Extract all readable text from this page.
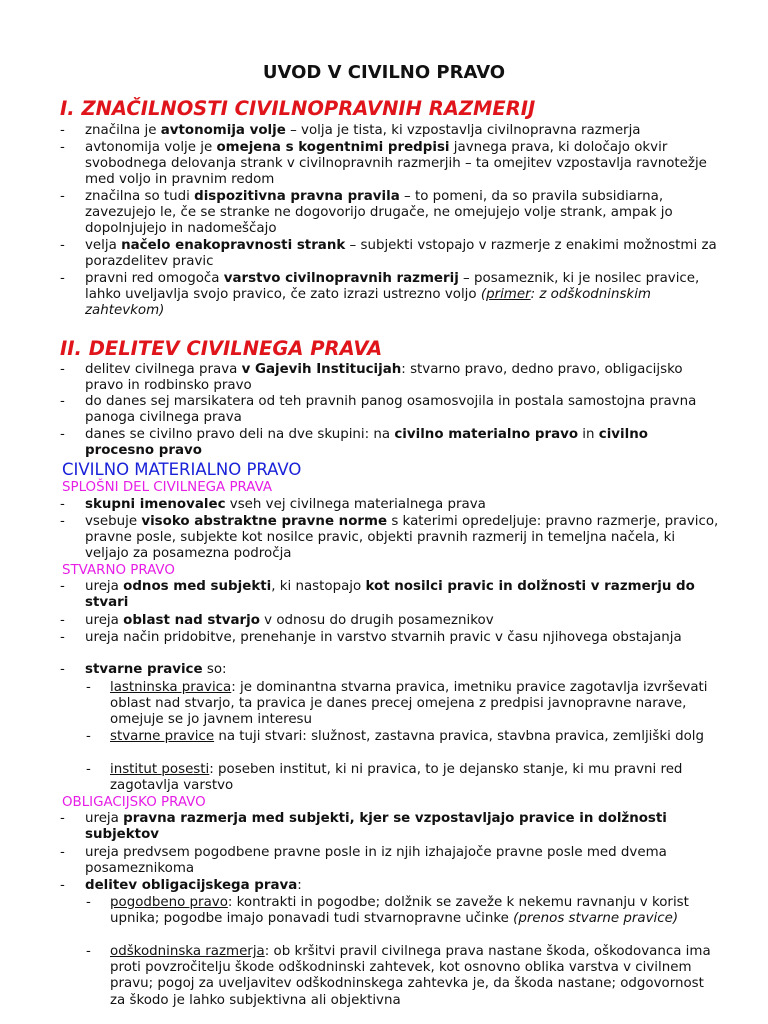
UVOD V CIVILNO PRAVO
I. ZNAČILNOSTI CIVILNOPRAVNIH RAZMERIJ
-	značilna je avtonomija volje – volja je tista, ki vzpostavlja civilnopravna razmerja
-	avtonomija volje je omejena s kogentnimi predpisi javnega prava, ki določajo okvir svobodnega delovanja strank v civilnopravnih razmerjih – ta omejitev vzpostavlja ravnotežje med voljo in pravnim redom
-	značilna so tudi dispozitivna pravna pravila – to pomeni, da so pravila subsidiarna, zavezujejo le, če se stranke ne dogovorijo drugače, ne omejujejo volje strank, ampak jo dopolnjujejo in nadomeščajo
-	velja načelo enakopravnosti strank – subjekti vstopajo v razmerje z enakimi možnostmi za porazdelitev pravic
-	pravni red omogoča varstvo civilnopravnih razmerij – posameznik, ki je nosilec pravice, lahko uveljavlja svojo pravico, če zato izrazi ustrezno voljo (primer: z odškodninskim zahtevkom)
II. DELITEV CIVILNEGA PRAVA
-	delitev civilnega prava v Gajevih Institucijah: stvarno pravo, dedno pravo, obligacijsko pravo in rodbinsko pravo
-	do danes sej marsikatera od teh pravnih panog osamosvojila in postala samostojna pravna panoga civilnega prava
-	danes se civilno pravo deli na dve skupini: na civilno materialno pravo in civilno procesno pravo
CIVILNO MATERIALNO PRAVO
SPLOŠNI DEL CIVILNEGA PRAVA
-	skupni imenovalec vseh vej civilnega materialnega prava
-	vsebuje visoko abstraktne pravne norme s katerimi opredeljuje: pravno razmerje, pravico, pravne posle, subjekte kot nosilce pravic, objekti pravnih razmerij in temeljna načela, ki veljajo za posamezna področja
STVARNO PRAVO
-	ureja odnos med subjekti, ki nastopajo kot nosilci pravic in dolžnosti v razmerju do stvari
-	ureja oblast nad stvarjo v odnosu do drugih posameznikov
-	ureja način pridobitve, prenehanje in varstvo stvarnih pravic v času njihovega obstajanja
-	stvarne pravice so:
-	lastninska pravica: je dominantna stvarna pravica, imetniku pravice zagotavlja izvrševati oblast nad stvarjo, ta pravica je danes precej omejena z predpisi javnopravne narave, omejuje se jo javnem interesu
-	stvarne pravice na tuji stvari: služnost, zastavna pravica, stavbna pravica, zemljiški dolg
-	institut posesti: poseben institut, ki ni pravica, to je dejansko stanje, ki mu pravni red zagotavlja varstvo
OBLIGACIJSKO PRAVO
-	ureja pravna razmerja med subjekti, kjer se vzpostavljajo pravice in dolžnosti subjektov
-	ureja predvsem pogodbene pravne posle in iz njih izhajajoče pravne posle med dvema posameznikoma
-	delitev obligacijskega prava:
-	pogodbeno pravo: kontrakti in pogodbe; dolžnik se zaveže k nekemu ravnanju v korist upnika; pogodbe imajo ponavadi tudi stvarnopravne učinke (prenos stvarne pravice)
-	odškodninska razmerja: ob kršitvi pravil civilnega prava nastane škoda, oškodovanca ima proti povzročitelju škode odškodninski zahtevek, kot osnovno oblika varstva v civilnem pravu; pogoj za uveljavitev odškodninskega zahtevka je, da škoda nastane; odgovornost za škodo je lahko subjektivna ali objektivna
